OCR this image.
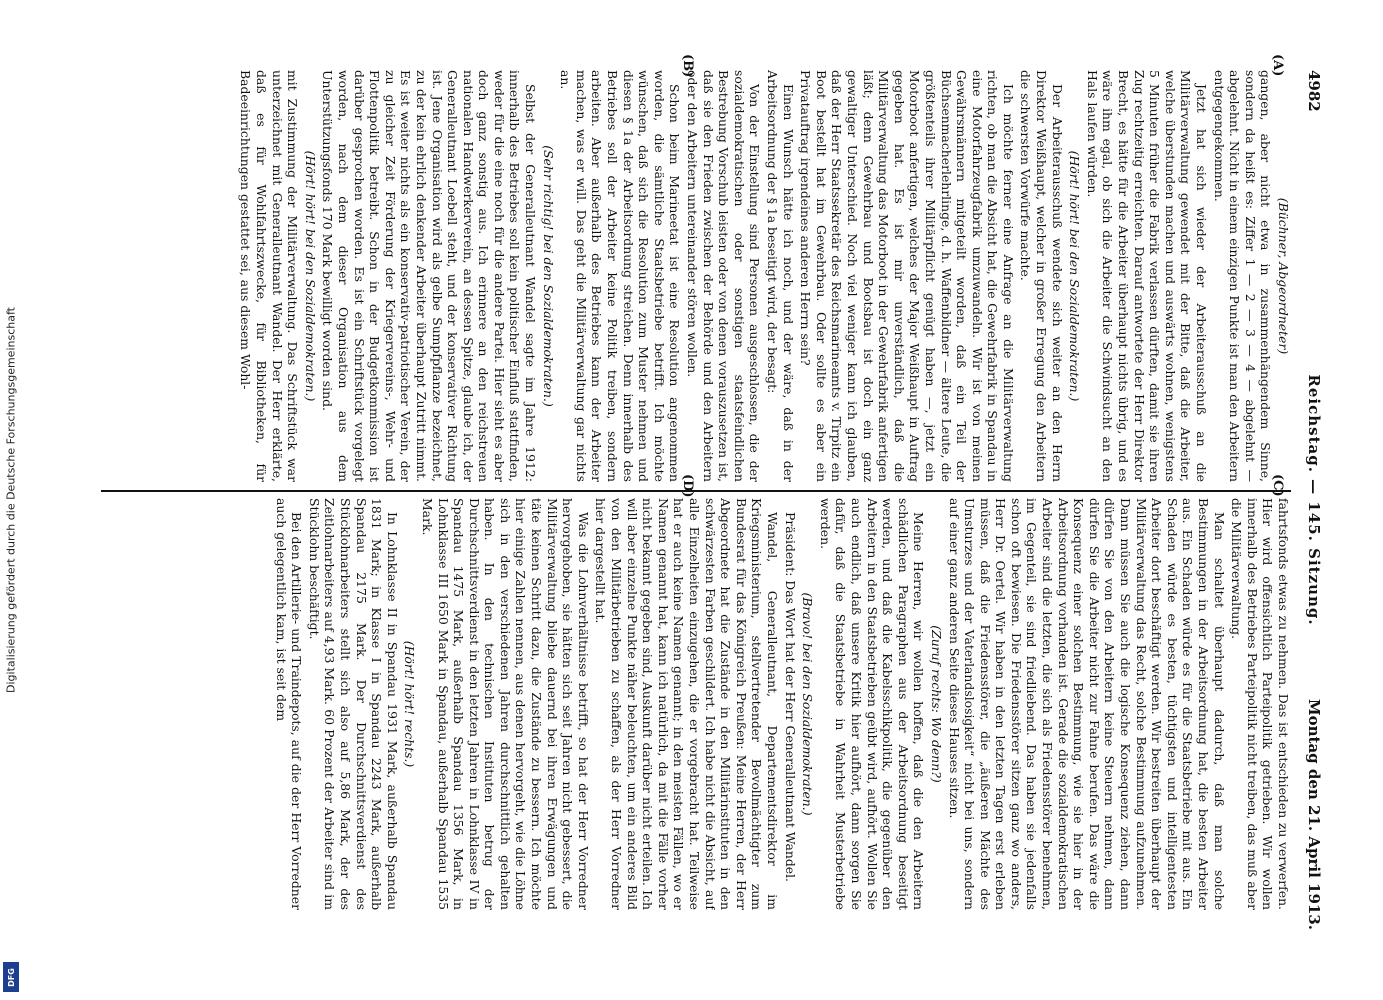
Digitalisierung gefördert durch die Deutsche Forschungsgemeinschaft
DFG
4982
Reichstag. — 145. Sitzung.
Montag den 21. April 1913.

(Büchner, Abgeordneter)

gangen, aber nicht etwa in zusammenhängendem Sinne, sondern da heißt es: Ziffer 1 — 2 — 3 — 4 — abgelehnt — abgelehnt. Nicht in einem einzigen Punkte ist man den Arbeitern entgegengekommen.

Jetzt hat sich wieder der Arbeiterausschuß an die Militärverwaltung gewendet mit der Bitte, daß die Arbeiter, welche überstunden machen und auswärts wohnen, wenigstens 5 Minuten früher die Fabrik verlassen dürften, damit sie ihren Zug rechtzeitig erreichten. Darauf antwortete der Herr Direktor Brecht, es hätte für die Arbeiter überhaupt nichts übrig, und es wäre ihm egal, ob sich die Arbeiter die Schwindsucht an den Hals laufen würden.

(Hört! hört! bei den Sozialdemokraten.)

Der Arbeiterausschuß wendete sich weiter an den Herrn Direktor Weißhaupt, welcher in großer Erregung den Arbeitern die schwersten Vorwürfe machte.

Ich möchte ferner eine Anfrage an die Militärverwaltung richten, ob man die Absicht hat, die Gewehrfabrik in Spandau in eine Motorfahrzeugfabrik umzuwandeln. Wir ist von meinen Gewährsmännern mitgeteilt worden, daß ein Teil der Büchsenmacherlehrlinge, d. h. Waffenbildner — ältere Leute, die größtenteils ihrer Militärpflicht genügt haben —, jetzt ein Motorboot anfertigen, welches der Major Weißhaupt in Auftrag gegeben hat. Es ist mir unverständlich, daß die Militärverwaltung das Motorboot in der Gewehrfabrik anfertigen läßt; denn Gewehrbau und Bootsbau ist doch ein ganz gewaltiger Unterschied. Noch viel weniger kann ich glauben, daß der Herr Staatssekretär des Reichsmarineamts v. Tirpitz ein Boot bestellt hat im Gewehrbau. Oder sollte es aber ein Privatauftrag irgendeines anderen Herrn sein?

Einen Wunsch hätte ich noch, und der wäre, daß in der Arbeitsordnung der § 1a beseitigt wird, der besagt:

Von der Einstellung sind Personen ausgeschlossen, die der sozialdemokratischen oder sonstigen staatsfeindlichen Bestrebung Vorschub leisten oder von denen vorauszusetzen ist, daß sie den Frieden zwischen der Behörde und den Arbeitern oder den Arbeitern untereinander stören wollen.

Schon beim Marineetat ist eine Resolution angenommen worden, die sämtliche Staatsbetriebe betrifft. Ich möchte wünschen, daß sich die Resolution zum Muster nehmen und diesen § 1a der Arbeitsordnung streichen. Denn innerhalb des Betriebes soll der Arbeiter keine Politik treiben, sondern arbeiten. Aber außerhalb des Betriebes kann der Arbeiter machen, was er will. Das geht die Militärverwaltung gar nichts an.

(Sehr richtig! bei den Sozialdemokraten.)

Selbst der Generalleutnant Wandel sagte im Jahre 1912: innerhalb des Betriebes soll kein politischer Einfluß stattfinden, weder für die eine noch für die andere Partei. Hier sieht es aber doch ganz sonstig aus. Ich erinnere an den reichstreuen nationalen Handwerkerverein, an dessen Spitze, glaube ich, der Generalleutnant Loebell steht, und der konservativer Richtung ist. Jene Organisation wird als gelbe Sumpfpflanze bezeichnet, zu der kein ehrlich denkender Arbeiter überhaupt Zutritt nimmt. Es ist weiter nichts als ein konservativ-patriotischer Verein, der zu gleicher Zeit Förderung der Kriegervereins-, Wehr- und Flottenpolitik betreibt. Schon in der Budgetkommission ist darüber gesprochen worden. Es ist ein Schriftstück vorgelegt worden, nach dem dieser Organisation aus dem Unterstützungsfonds 170 Mark bewilligt worden sind.

(Hört! hört! bei den Sozialdemokraten.)

mit Zustimmung der Militärverwaltung. Das Schriftstück war unterzeichnet mit Generalleutnant Wandel. Der Herr erklärte, daß es für Wohlfahrtszwecke, für Bibliotheken, für Badeeinrichtungen gestattet sei, aus diesem Wohl-

fahrtsfonds etwas zu nehmen. Das ist entschieden zu verwerfen. Hier wird offensichtlich Parteipolitik getrieben. Wir wollen innerhalb des Betriebes Parteipolitik nicht treiben, das muß aber die Militärverwaltung.

Man schaltet überhaupt dadurch, daß man solche Bestimmungen in der Arbeitsordnung hat, die besten Arbeiter aus. Ein Schaden würde es für die Staatsbetriebe mit aus. Ein Schaden würde es besten, tüchtigsten und intelligentesten Arbeiter dort beschäftigt werden. Wir bestreiten überhaupt der Militärverwaltung das Recht, solche Bestimmung aufzunehmen. Dann müssen Sie auch die logische Konsequenz ziehen, dann dürfen Sie von den Arbeitern keine Steuern nehmen, dann dürfen Sie die Arbeiter nicht zur Fahne berufen. Das wäre die Konsequenz einer solchen Bestimmung, wie sie hier in der Arbeitsordnung vorhanden ist. Gerade die sozialdemokratischen Arbeiter sind die letzten, die sich als Friedensstörer benehmen, im Gegenteil, sie sind friedliebend. Das haben sie jedenfalls schon oft bewiesen. Die Friedensstörer sitzen ganz wo anders, Herr Dr. Oertel. Wir haben in den letzten Tagen erst erleben müssen, daß die Friedensstörer, die „äußeren Mächte des Umsturzes und der Vaterlandslosigkeit“ nicht bei uns, sondern auf einer ganz anderen Seite dieses Hauses sitzen.

(Zuruf rechts: Wo denn?)

Meine Herren, wir wollen hoffen, daß die den Arbeitern schädlichen Paragraphen aus der Arbeitsordnung beseitigt werden, und daß die Kabelsschikpolitik, die gegenüber den Arbeitern in den Staatsbetrieben geübt wird, aufhört. Wollen Sie auch endlich, daß unsere Kritik hier aufhört, dann sorgen Sie dafür, daß die Staatsbetriebe in Wahrheit Musterbetriebe werden.

(Bravo! bei den Sozialdemokraten.)

Präsident: Das Wort hat der Herr Generalleutnant Wandel.

Wandel, Generalleutnant, Departementsdirektor im Kriegsministerium, stellvertretender Bevollmächtigter zum Bundesrat für das Königreich Preußen: Meine Herren, der Herr Abgeordnete hat die Zustände in den Militärinstituten in den schwärzesten Farben geschildert. Ich habe nicht die Absicht, auf alle Einzelheiten einzugehen, die er vorgebracht hat. Teilweise hat er auch keine Namen genannt; in den meisten Fällen, wo er Namen genannt hat, kann ich natürlich, da mit die Fälle vorher nicht bekannt gegeben sind, Auskunft darüber nicht erteilen. Ich will aber einzelne Punkte näher beleuchten, um ein anderes Bild von den Militärbetrieben zu schaffen, als der Herr Vorredner hier dargestellt hat.

Was die Lohnverhältnisse betrifft, so hat der Herr Vorredner hervorgehoben, sie hätten sich seit Jahren nicht gebessert, die Militärverwaltung bliebe dauernd bei ihren Erwägungen und täte keinen Schritt dazu, die Zustände zu bessern. Ich möchte hier einige Zahlen nennen, aus denen hervorgeht, wie die Löhne sich in den verschiedenen Jahren durchschnittlich gehalten haben. In den technischen Instituten betrug der Durchschnittsverdienst in den letzten Jahren in Lohnklasse IV in Spandau 1475 Mark, außerhalb Spandau 1356 Mark, in Lohnklasse III 1650 Mark in Spandau, außerhalb Spandau 1535 Mark.

(Hört! hört! rechts.)

In Lohnklasse II in Spandau 1931 Mark, außerhalb Spandau 1831 Mark; in Klasse I in Spandau 2243 Mark, außerhalb Spandau 2175 Mark. Der Durchschnittsverdienst des Stücklohnarbeiters stellt sich also auf 5,86 Mark, der des Zeitlohnarbeiters auf 4,93 Mark. 60 Prozent der Arbeiter sind im Stücklohn beschäftigt.

Bei den Artillerie- und Traindepots, auf die der Herr Vorredner auch gelegentlich kam, ist seit dem

(A)
(B)
(C)
(D)
